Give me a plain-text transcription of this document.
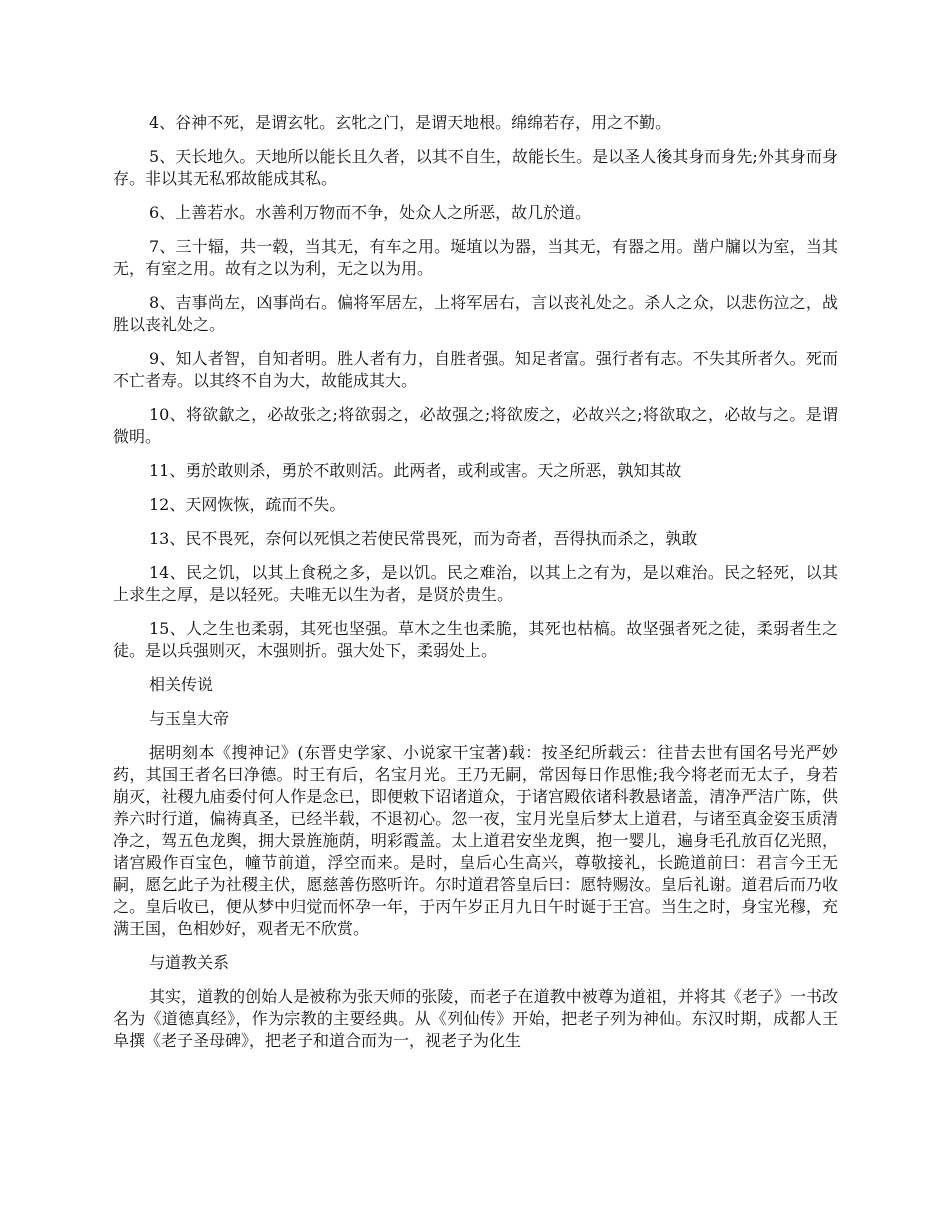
4、谷神不死，是谓玄牝。玄牝之门，是谓天地根。绵绵若存，用之不勤。

5、天长地久。天地所以能长且久者，以其不自生，故能长生。是以圣人後其身而身先;外其身而身存。非以其无私邪故能成其私。

6、上善若水。水善利万物而不争，处众人之所恶，故几於道。

7、三十辐，共一毂，当其无，有车之用。埏埴以为器，当其无，有器之用。凿户牖以为室，当其无，有室之用。故有之以为利，无之以为用。

8、吉事尚左，凶事尚右。偏将军居左，上将军居右，言以丧礼处之。杀人之众，以悲伤泣之，战胜以丧礼处之。

9、知人者智，自知者明。胜人者有力，自胜者强。知足者富。强行者有志。不失其所者久。死而不亡者寿。以其终不自为大，故能成其大。

10、将欲歙之，必故张之;将欲弱之，必故强之;将欲废之，必故兴之;将欲取之，必故与之。是谓微明。

11、勇於敢则杀，勇於不敢则活。此两者，或利或害。天之所恶，孰知其故

12、天网恢恢，疏而不失。

13、民不畏死，奈何以死惧之若使民常畏死，而为奇者，吾得执而杀之，孰敢

14、民之饥，以其上食税之多，是以饥。民之难治，以其上之有为，是以难治。民之轻死，以其上求生之厚，是以轻死。夫唯无以生为者，是贤於贵生。

15、人之生也柔弱，其死也坚强。草木之生也柔脆，其死也枯槁。故坚强者死之徒，柔弱者生之徒。是以兵强则灭，木强则折。强大处下，柔弱处上。

相关传说

与玉皇大帝

据明刻本《搜神记》(东晋史学家、小说家干宝著)载：按圣纪所载云：往昔去世有国名号光严妙药，其国王者名曰净德。时王有后，名宝月光。王乃无嗣，常因每日作思惟;我今将老而无太子，身若崩灭，社稷九庙委付何人作是念已，即便敕下诏诸道众，于诸宫殿依诸科教悬诸盖，清净严洁广陈，供养六时行道，偏祷真圣，已经半载，不退初心。忽一夜，宝月光皇后梦太上道君，与诸至真金姿玉质清净之，驾五色龙舆，拥大景旌施荫，明彩霞盖。太上道君安坐龙舆，抱一婴儿，遍身毛孔放百亿光照，诸宫殿作百宝色，幢节前道，浮空而来。是时，皇后心生高兴，尊敬接礼，长跪道前曰：君言今王无嗣，愿乞此子为社稷主伏，愿慈善伤愍听许。尔时道君答皇后曰：愿特赐汝。皇后礼谢。道君后而乃收之。皇后收已，便从梦中归觉而怀孕一年，于丙午岁正月九日午时诞于王宫。当生之时，身宝光穆，充满王国，色相妙好，观者无不欣赏。

与道教关系

其实，道教的创始人是被称为张天师的张陵，而老子在道教中被尊为道祖，并将其《老子》一书改名为《道德真经》，作为宗教的主要经典。从《列仙传》开始，把老子列为神仙。东汉时期，成都人王阜撰《老子圣母碑》，把老子和道合而为一，视老子为化生
